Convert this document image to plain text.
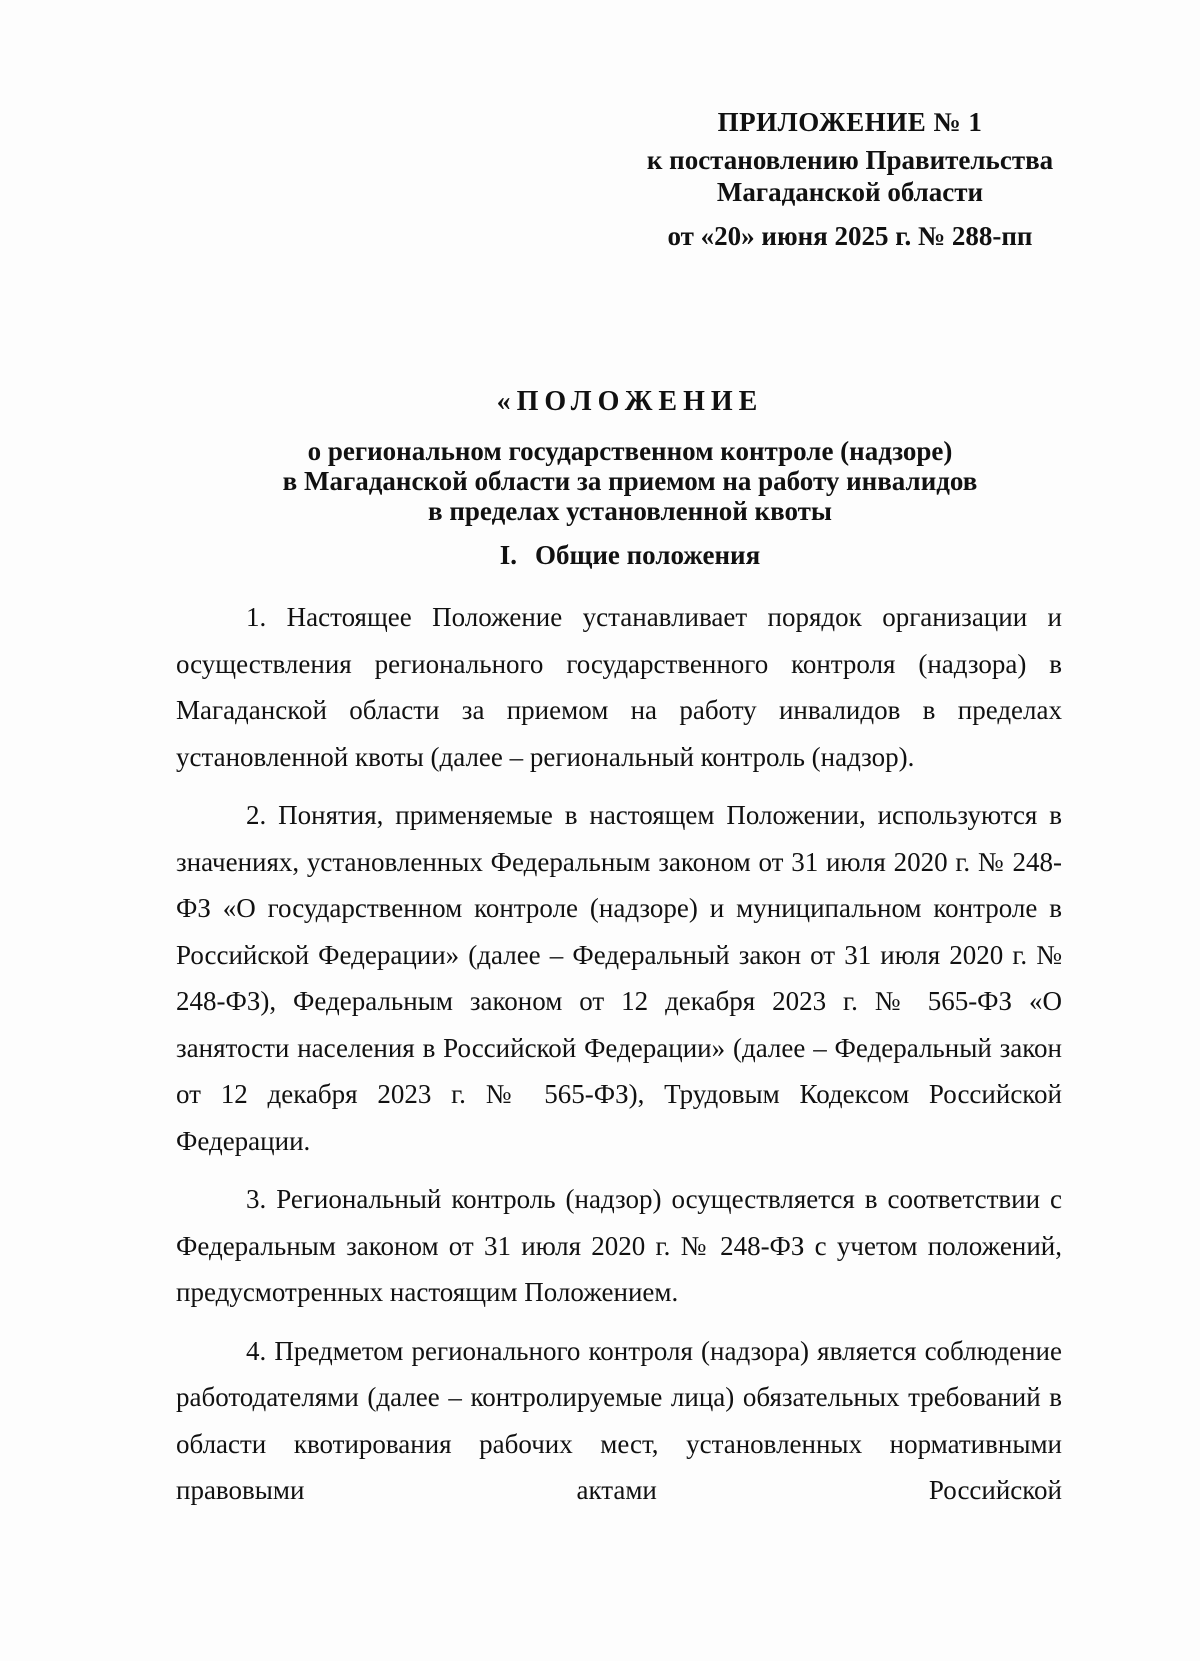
ПРИЛОЖЕНИЕ № 1

к постановлению Правительства

Магаданской области

от «20» июня 2025 г. № 288-пп

«ПОЛОЖЕНИЕ

о региональном государственном контроле (надзоре)

в Магаданской области за приемом на работу инвалидов

в пределах установленной квоты

I. Общие положения

1. Настоящее Положение устанавливает порядок организации и осуществления регионального государственного контроля (надзора) в Магаданской области за приемом на работу инвалидов в пределах установленной квоты (далее – региональный контроль (надзор).

2. Понятия, применяемые в настоящем Положении, используются в значениях, установленных Федеральным законом от 31 июля 2020 г. № 248-ФЗ «О государственном контроле (надзоре) и муниципальном контроле в Российской Федерации» (далее – Федеральный закон от 31 июля 2020 г. № 248-ФЗ), Федеральным законом от 12 декабря 2023 г. № 565-ФЗ «О занятости населения в Российской Федерации» (далее – Федеральный закон от 12 декабря 2023 г. № 565-ФЗ), Трудовым Кодексом Российской Федерации.

3. Региональный контроль (надзор) осуществляется в соответствии с Федеральным законом от 31 июля 2020 г. № 248-ФЗ с учетом положений, предусмотренных настоящим Положением.

4. Предметом регионального контроля (надзора) является соблюдение работодателями (далее – контролируемые лица) обязательных требований в области квотирования рабочих мест, установленных нормативными правовыми актами Российской
